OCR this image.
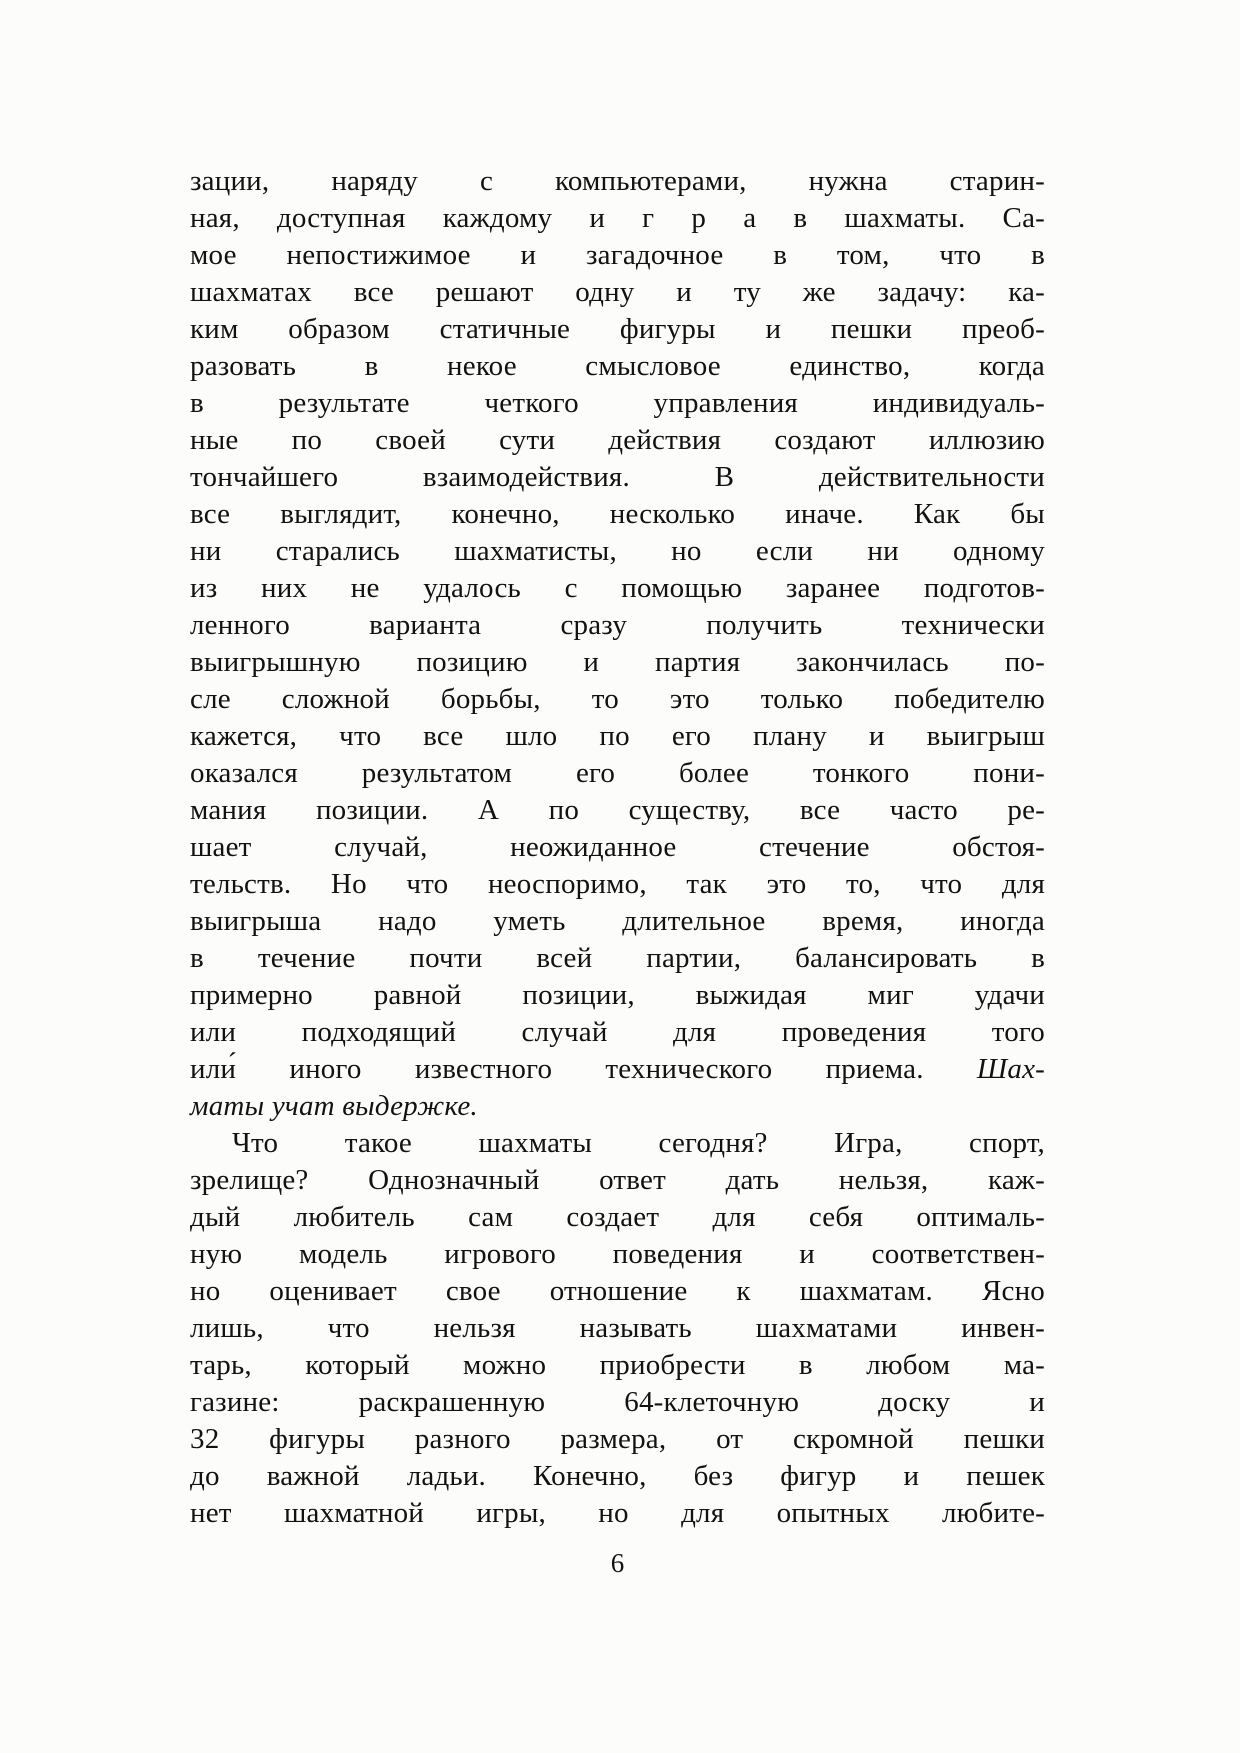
зации, наряду с компьютерами, нужна старин-
ная, доступная каждому и г р а в шахматы. Са-
мое непостижимое и загадочное в том, что в
шахматах все решают одну и ту же задачу: ка-
ким образом статичные фигуры и пешки преоб-
разовать в некое смысловое единство, когда
в результате четкого управления индивидуаль-
ные по своей сути действия создают иллюзию
тончайшего взаимодействия. В действительности
все выглядит, конечно, несколько иначе. Как бы
ни старались шахматисты, но если ни одному
из них не удалось с помощью заранее подготов-
ленного варианта сразу получить технически
выигрышную позицию и партия закончилась по-
сле сложной борьбы, то это только победителю
кажется, что все шло по его плану и выигрыш
оказался результатом его более тонкого пони-
мания позиции. А по существу, все часто ре-
шает случай, неожиданное стечение обстоя-
тельств. Но что неоспоримо, так это то, что для
выигрыша надо уметь длительное время, иногда
в течение почти всей партии, балансировать в
примерно равной позиции, выжидая миг удачи
или подходящий случай для проведения того
или́ иного известного технического приема. Шах-
маты учат выдержке.
Что такое шахматы сегодня? Игра, спорт,
зрелище? Однозначный ответ дать нельзя, каж-
дый любитель сам создает для себя оптималь-
ную модель игрового поведения и соответствен-
но оценивает свое отношение к шахматам. Ясно
лишь, что нельзя называть шахматами инвен-
тарь, который можно приобрести в любом ма-
газине: раскрашенную 64-клеточную доску и
32 фигуры разного размера, от скромной пешки
до важной ладьи. Конечно, без фигур и пешек
нет шахматной игры, но для опытных любите-
6
